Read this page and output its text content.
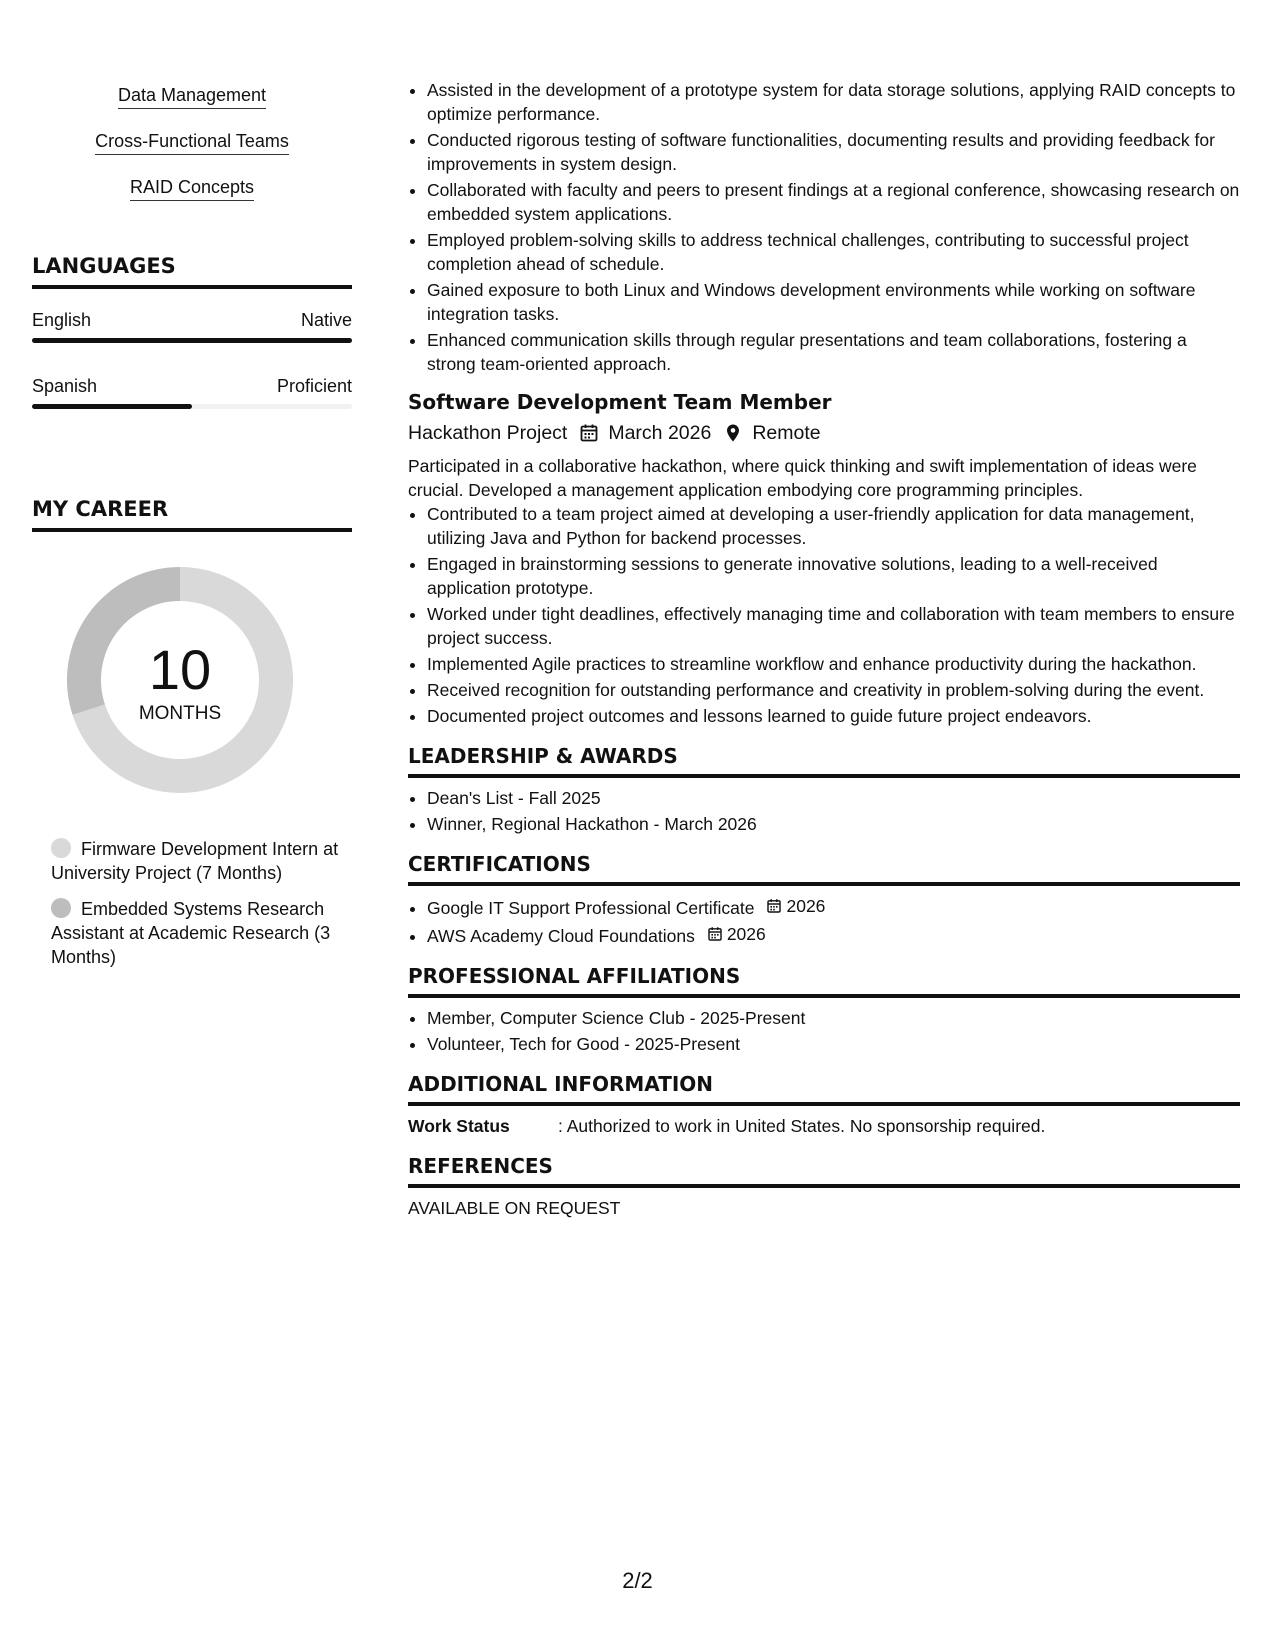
Data Management
Cross-Functional Teams
RAID Concepts
LANGUAGES
English	Native
Spanish	Proficient
MY CAREER
10
MONTHS
Firmware Development Intern at University Project (7 Months)
Embedded Systems Research Assistant at Academic Research (3 Months)
• Assisted in the development of a prototype system for data storage solutions, applying RAID concepts to optimize performance.
• Conducted rigorous testing of software functionalities, documenting results and providing feedback for improvements in system design.
• Collaborated with faculty and peers to present findings at a regional conference, showcasing research on embedded system applications.
• Employed problem-solving skills to address technical challenges, contributing to successful project completion ahead of schedule.
• Gained exposure to both Linux and Windows development environments while working on software integration tasks.
• Enhanced communication skills through regular presentations and team collaborations, fostering a strong team-oriented approach.
Software Development Team Member
Hackathon Project March 2026 Remote

Participated in a collaborative hackathon, where quick thinking and swift implementation of ideas were crucial. Developed a management application embodying core programming principles.

• Contributed to a team project aimed at developing a user-friendly application for data management, utilizing Java and Python for backend processes.
• Engaged in brainstorming sessions to generate innovative solutions, leading to a well-received application prototype.
• Worked under tight deadlines, effectively managing time and collaboration with team members to ensure project success.
• Implemented Agile practices to streamline workflow and enhance productivity during the hackathon.
• Received recognition for outstanding performance and creativity in problem-solving during the event.
• Documented project outcomes and lessons learned to guide future project endeavors.
LEADERSHIP & AWARDS
• Dean's List - Fall 2025
• Winner, Regional Hackathon - March 2026
CERTIFICATIONS
• Google IT Support Professional Certificate 2026
• AWS Academy Cloud Foundations 2026
PROFESSIONAL AFFILIATIONS
• Member, Computer Science Club - 2025-Present
• Volunteer, Tech for Good - 2025-Present
ADDITIONAL INFORMATION
Work Status	: Authorized to work in United States. No sponsorship required.
REFERENCES
AVAILABLE ON REQUEST
2/2
